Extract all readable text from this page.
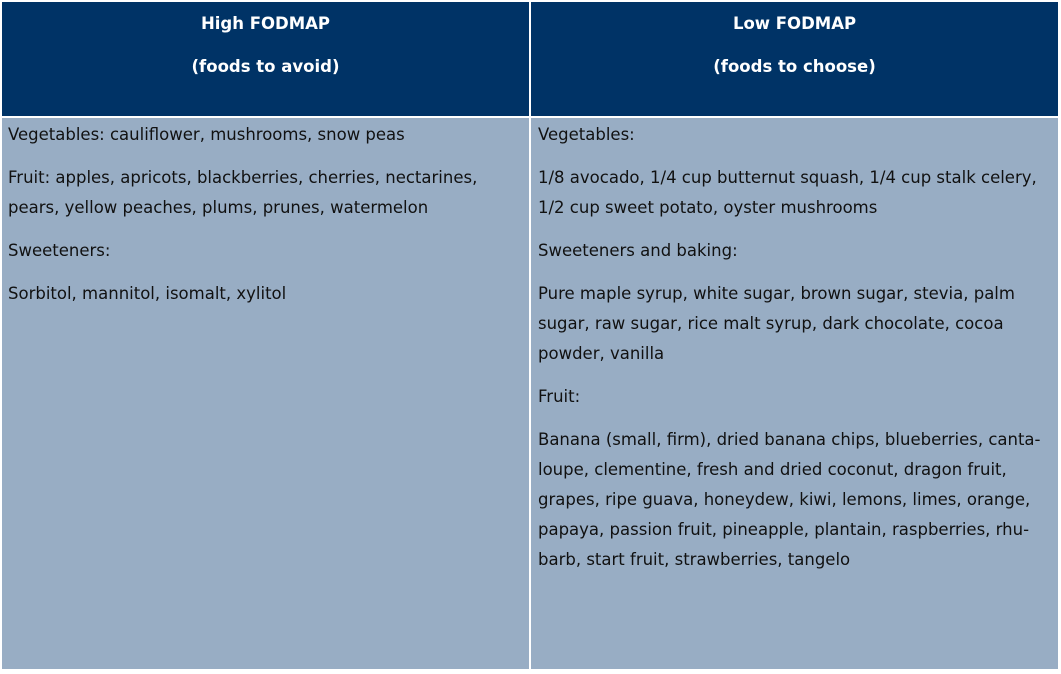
High FODMAP
(foods to avoid)
Low FODMAP
(foods to choose)

Vegetables: cauliflower, mushrooms, snow peas

Fruit: apples, apricots, blackberries, cherries, nectarines, pears, yellow peaches, plums, prunes, watermelon

Sweeteners:

Sorbitol, mannitol, isomalt, xylitol

Vegetables:

1/8 avocado, 1/4 cup butternut squash, 1/4 cup stalk celery, 1/2 cup sweet potato, oyster mushrooms

Sweeteners and baking:

Pure maple syrup, white sugar, brown sugar, stevia, palm sugar, raw sugar, rice malt syrup, dark chocolate, cocoa powder, vanilla

Fruit:

Banana (small, firm), dried banana chips, blueberries, canta-loupe, clementine, fresh and dried coconut, dragon fruit, grapes, ripe guava, honeydew, kiwi, lemons, limes, orange, papaya, passion fruit, pineapple, plantain, raspberries, rhu-barb, start fruit, strawberries, tangelo
